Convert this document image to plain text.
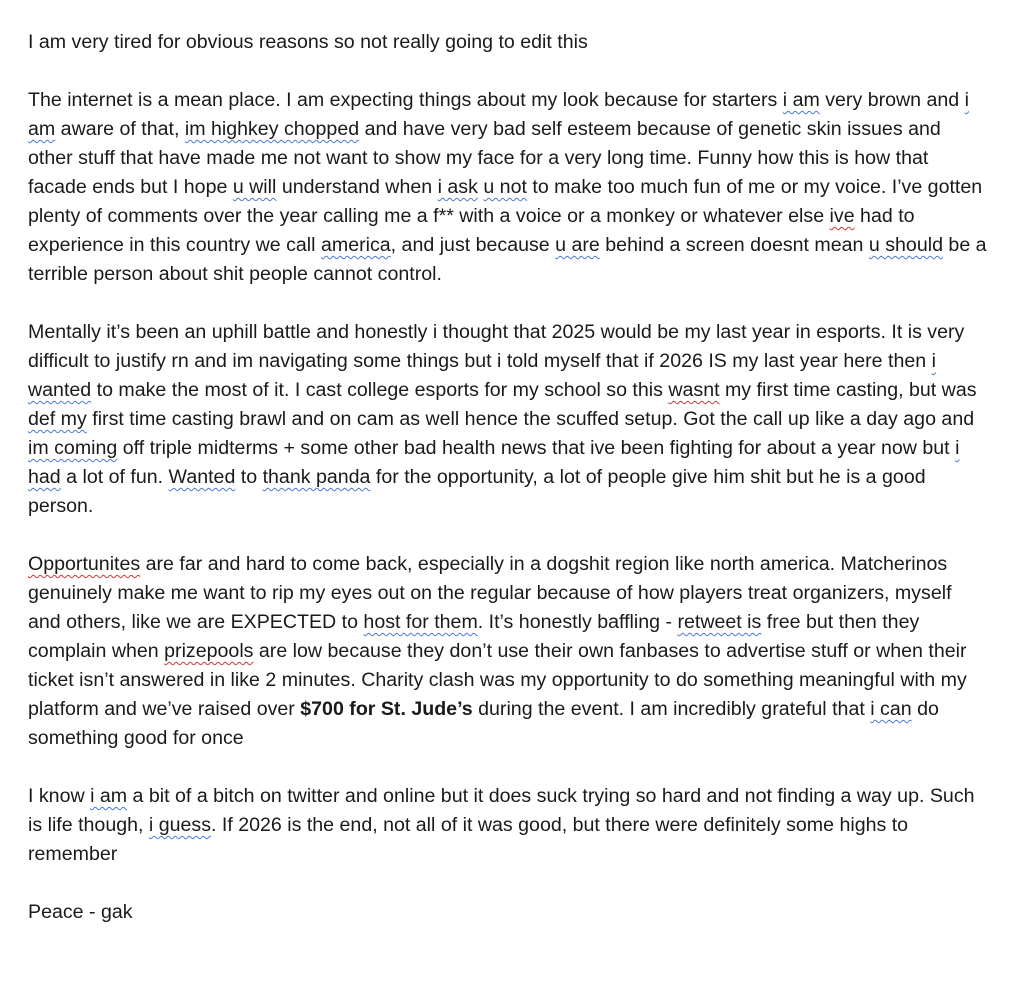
I am very tired for obvious reasons so not really going to edit this

The internet is a mean place. I am expecting things about my look because for starters i am very brown and i am aware of that, im highkey chopped and have very bad self esteem because of genetic skin issues and other stuff that have made me not want to show my face for a very long time. Funny how this is how that facade ends but I hope u will understand when i ask u not to make too much fun of me or my voice. I’ve gotten plenty of comments over the year calling me a f** with a voice or a monkey or whatever else ive had to experience in this country we call america, and just because u are behind a screen doesnt mean u should be a terrible person about shit people cannot control.

Mentally it’s been an uphill battle and honestly i thought that 2025 would be my last year in esports. It is very difficult to justify rn and im navigating some things but i told myself that if 2026 IS my last year here then i wanted to make the most of it. I cast college esports for my school so this wasnt my first time casting, but was def my first time casting brawl and on cam as well hence the scuffed setup. Got the call up like a day ago and im coming off triple midterms + some other bad health news that ive been fighting for about a year now but i had a lot of fun. Wanted to thank panda for the opportunity, a lot of people give him shit but he is a good person.

Opportunites are far and hard to come back, especially in a dogshit region like north america. Matcherinos genuinely make me want to rip my eyes out on the regular because of how players treat organizers, myself and others, like we are EXPECTED to host for them. It’s honestly baffling - retweet is free but then they complain when prizepools are low because they don’t use their own fanbases to advertise stuff or when their ticket isn’t answered in like 2 minutes. Charity clash was my opportunity to do something meaningful with my platform and we’ve raised over $700 for St. Jude’s during the event. I am incredibly grateful that i can do something good for once

I know i am a bit of a bitch on twitter and online but it does suck trying so hard and not finding a way up. Such is life though, i guess. If 2026 is the end, not all of it was good, but there were definitely some highs to remember

Peace - gak
